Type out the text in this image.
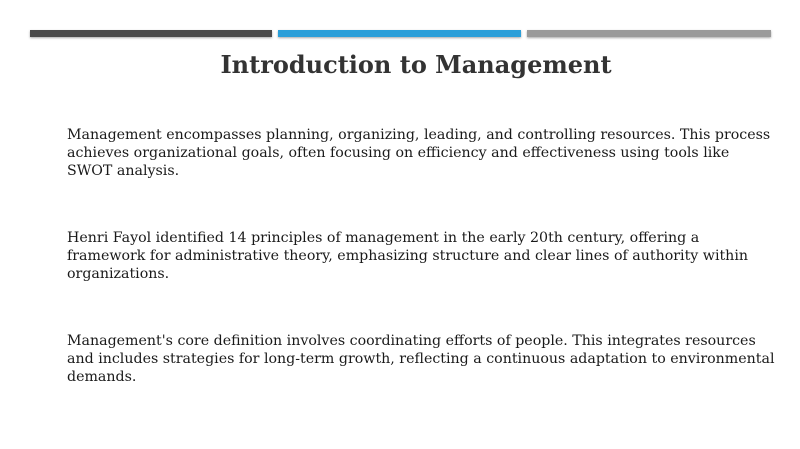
Introduction to Management

Management encompasses planning, organizing, leading, and controlling resources. This process achieves organizational goals, often focusing on efficiency and effectiveness using tools like SWOT analysis.

Henri Fayol identified 14 principles of management in the early 20th century, offering a framework for administrative theory, emphasizing structure and clear lines of authority within organizations.

Management's core definition involves coordinating efforts of people. This integrates resources and includes strategies for long-term growth, reflecting a continuous adaptation to environmental demands.
